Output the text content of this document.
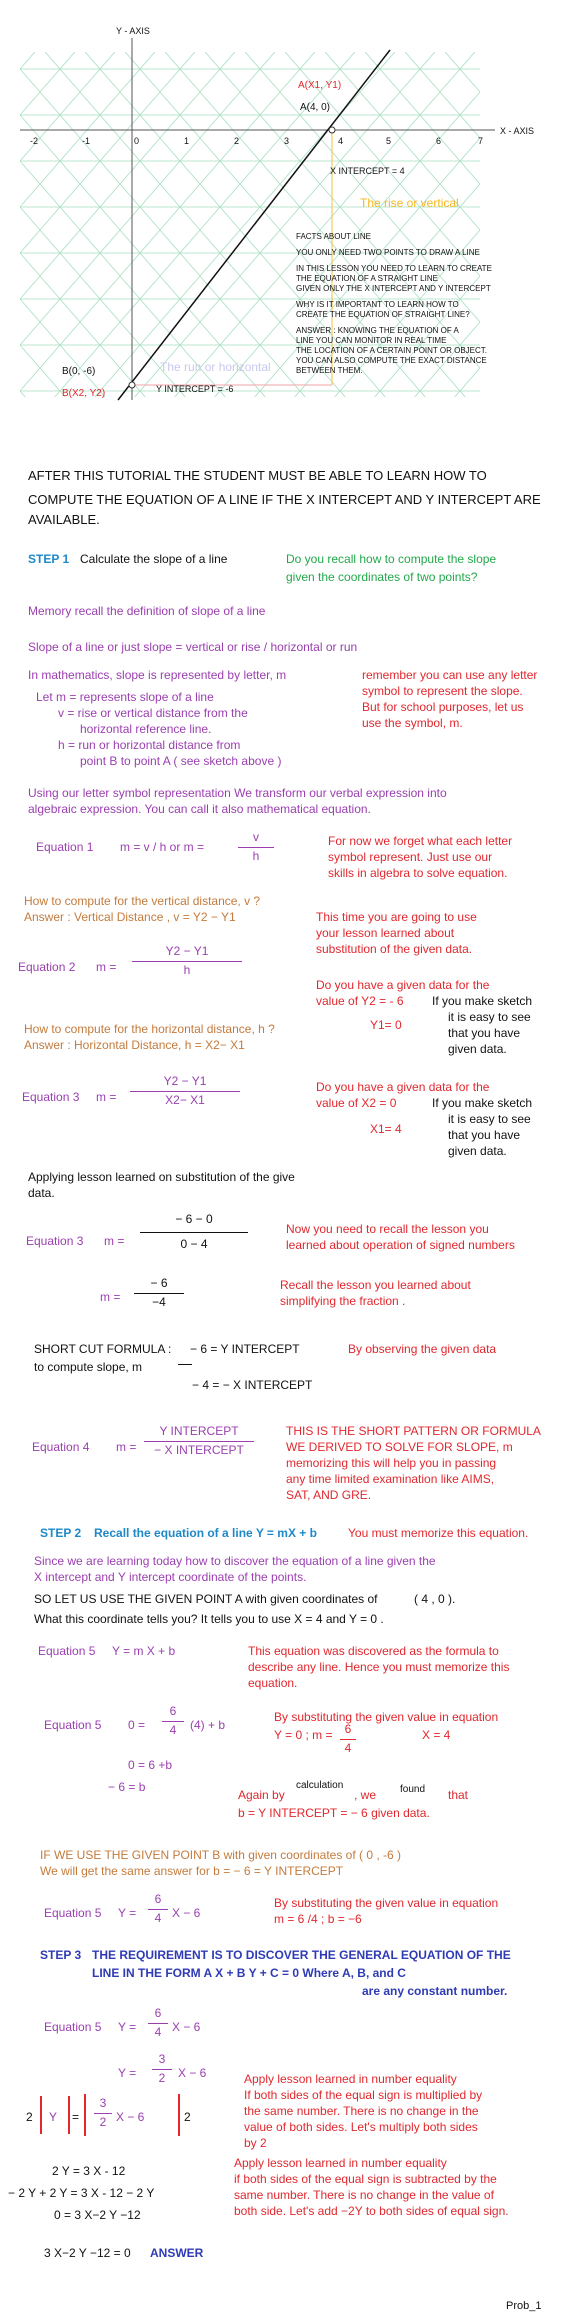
Y - AXIS
X - AXIS
-2	-1	0	1	2	3	4	5	6	7
A(X1, Y1)
A(4, 0)
X INTERCEPT = 4
The rise or vertical
The run or horizontal
B(0, -6)
B(X2, Y2)	Y INTERCEPT = -6
FACTS ABOUT LINE
YOU ONLY NEED TWO POINTS TO DRAW A LINE
IN THIS LESSON YOU NEED TO LEARN TO CREATE
THE EQUATION OF A STRAIGHT LINE
GIVEN ONLY THE X INTERCEPT AND Y INTERCEPT
WHY IS IT IMPORTANT TO LEARN HOW TO
CREATE THE EQUATION OF STRAIGHT LINE?
ANSWER : KNOWING THE EQUATION OF A
LINE YOU CAN MONITOR IN REAL TIME
THE LOCATION OF A CERTAIN POINT OR OBJECT.
YOU CAN ALSO COMPUTE THE EXACT DISTANCE
BETWEEN THEM.
AFTER THIS TUTORIAL THE STUDENT MUST BE ABLE TO LEARN HOW TO
COMPUTE THE EQUATION OF A LINE IF THE X INTERCEPT AND Y INTERCEPT ARE
AVAILABLE.
STEP 1 Calculate the slope of a line	Do you recall how to compute the slope
given the coordinates of two points?
Memory recall the definition of slope of a line
Slope of a line or just slope = vertical or rise / horizontal or run
In mathematics, slope is represented by letter, m
Let m = represents slope of a line
v = rise or vertical distance from the
horizontal reference line.
h = run or horizontal distance from
point B to point A ( see sketch above )
remember you can use any letter
symbol to represent the slope.
But for school purposes, let us
use the symbol, m.
Using our letter symbol representation We transform our verbal expression into
algebraic expression. You can call it also mathematical equation.
Equation 1 m = v / h or m =
v
h
For now we forget what each letter
symbol represent. Just use our
skills in algebra to solve equation.
How to compute for the vertical distance, v ?
Answer : Vertical Distance , v = Y2 − Y1
Equation 2 m =
Y2 − Y1
h
This time you are going to use
your lesson learned about
substitution of the given data.
Do you have a given data for the
value of Y2 = - 6
Y1= 0
If you make sketch
it is easy to see
that you have
given data.
How to compute for the horizontal distance, h ?
Answer : Horizontal Distance, h = X2− X1
Equation 3 m =
Y2 − Y1
X2− X1
Do you have a given data for the
value of X2 = 0
X1= 4
If you make sketch
it is easy to see
that you have
given data.
Applying lesson learned on substitution of the give
data.
Equation 3 m =
− 6 − 0
0 − 4
Now you need to recall the lesson you
learned about operation of signed numbers
m =
− 6
−4
Recall the lesson you learned about
simplifying the fraction .
SHORT CUT FORMULA :
to compute slope, m
− 6 = Y INTERCEPT
− 4 = − X INTERCEPT
By observing the given data
Equation 4 m =
Y INTERCEPT
− X INTERCEPT
THIS IS THE SHORT PATTERN OR FORMULA
WE DERIVED TO SOLVE FOR SLOPE, m
memorizing this will help you in passing
any time limited examination like AIMS,
SAT, AND GRE.
STEP 2 Recall the equation of a line Y = mX + b	You must memorize this equation.
Since we are learning today how to discover the equation of a line given the
X intercept and Y intercept coordinate of the points.
SO LET US USE THE GIVEN POINT A with given coordinates of	( 4 , 0 ).
What this coordinate tells you? It tells you to use X = 4 and Y = 0 .
Equation 5 Y = m X + b	This equation was discovered as the formula to
describe any line. Hence you must memorize this
equation.
Equation 5 0 =
6
4	(4) + b
By substituting the given value in equation
Y = 0 ; m =	6
4
X = 4
0 = 6 +b
− 6 = b
Again by
calculation
, we found that
b = Y INTERCEPT = − 6 given data.
IF WE USE THE GIVEN POINT B with given coordinates of ( 0 , -6 )
We will get the same answer for b = − 6 = Y INTERCEPT
Equation 5 Y =
6
4 X − 6
By substituting the given value in equation
m = 6 /4 ; b = −6
STEP 3 THE REQUIREMENT IS TO DISCOVER THE GENERAL EQUATION OF THE
LINE IN THE FORM A X + B Y + C = 0 Where A, B, and C
are any constant number.
Equation 5 Y =
6
4 X − 6
Y =
3
2	X − 6	Apply lesson learned in number equality
If both sides of the equal sign is multiplied by
the same number. There is no change in the
value of both sides. Let's multiply both sides
by 2
2 Y =
3
2 X − 6	2
2 Y = 3 X - 12
− 2 Y + 2 Y = 3 X - 12 − 2 Y
0 = 3 X−2 Y −12
Apply lesson learned in number equality
if both sides of the equal sign is subtracted by the
same number. There is no change in the value of
both side. Let's add −2Y to both sides of equal sign.
3 X−2 Y −12 = 0 ANSWER
Prob_1
